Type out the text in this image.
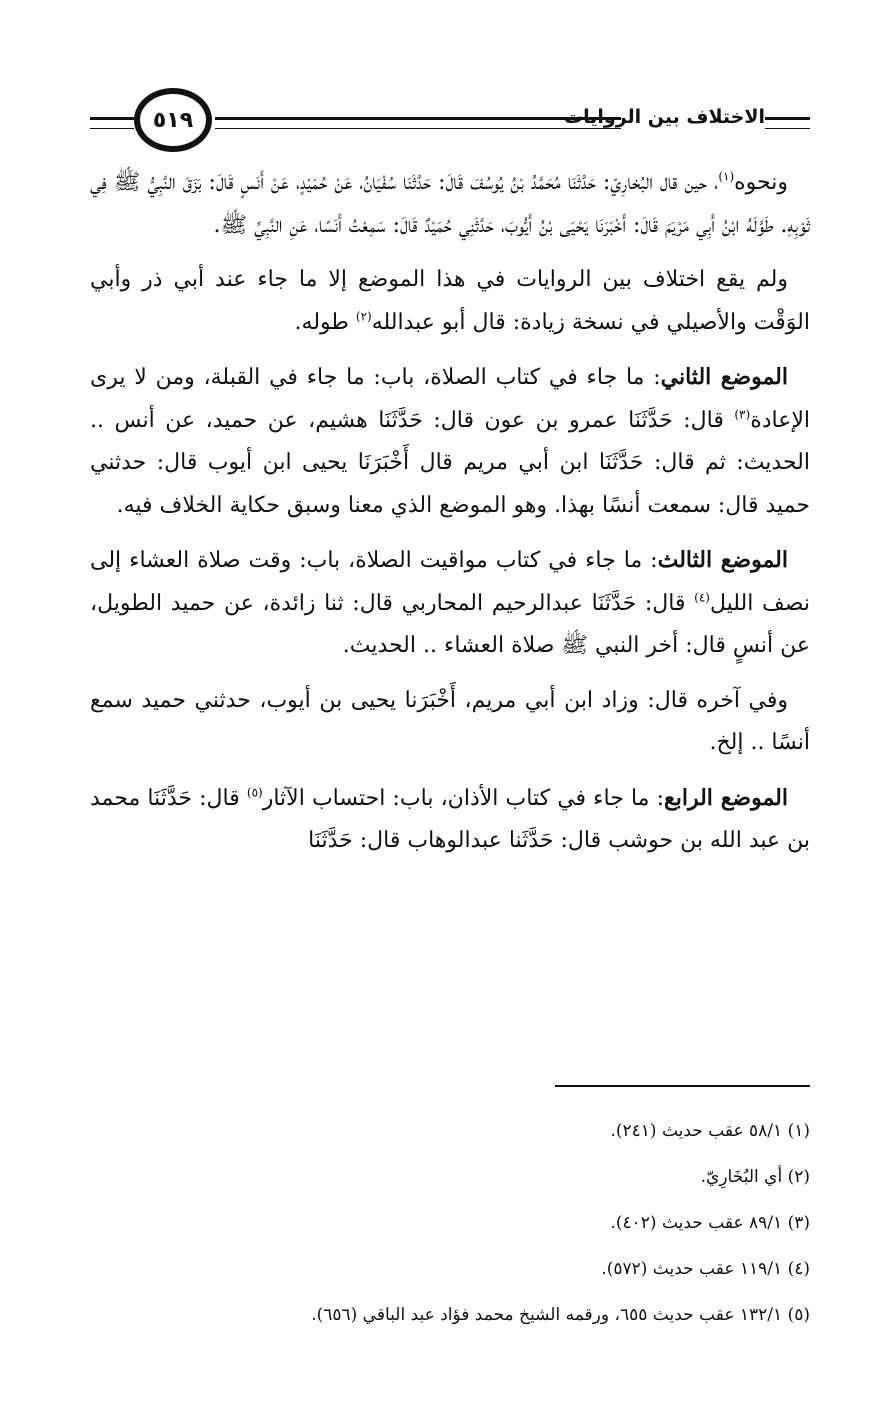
٥١٩	الاختلاف بين الروايات

ونحوه$^{(١)}$، حين قال البُخارِيّ: حَدَّثَنَا مُحَمَّدُ بْنُ يُوسُفَ قَالَ: حَدَّثَنَا سُفْيَانُ، عَنْ حُمَيْدٍ، عَنْ أَنَسٍ قَالَ: بَزَقَ النَّبِيُّ ﷺ فِي ثَوْبِهِ. طَوَّلَهُ ابْنُ أَبِي مَرْيَمَ قَالَ: أَخْبَرَنَا يَحْيَى بْنُ أَيُّوبَ، حَدَّثَنِي حُمَيْدٌ قَالَ: سَمِعْتُ أَنَسًا، عَنِ النَّبِيِّ ﷺ.

ولم يقع اختلاف بين الروايات في هذا الموضع إلا ما جاء عند أبي ذر وأبي الوَقْت والأصيلي في نسخة زيادة: قال أبو عبدالله$^{(٢)}$ طوله.

الموضع الثاني: ما جاء في كتاب الصلاة، باب: ما جاء في القبلة، ومن لا يرى الإعادة$^{(٣)}$ قال: حَدَّثَنَا عمرو بن عون قال: حَدَّثَنَا هشيم، عن حميد، عن أنس .. الحديث: ثم قال: حَدَّثَنَا ابن أبي مريم قال أَخْبَرَنَا يحيى ابن أيوب قال: حدثني حميد قال: سمعت أنسًا بهذا. وهو الموضع الذي معنا وسبق حكاية الخلاف فيه.

الموضع الثالث: ما جاء في كتاب مواقيت الصلاة، باب: وقت صلاة العشاء إلى نصف الليل$^{(٤)}$ قال: حَدَّثَنَا عبدالرحيم المحاربي قال: ثنا زائدة، عن حميد الطويل، عن أنسٍ قال: أخر النبي ﷺ صلاة العشاء .. الحديث.

وفي آخره قال: وزاد ابن أبي مريم، أَخْبَرَنا يحيى بن أيوب، حدثني حميد سمع أنسًا .. إلخ.

الموضع الرابع: ما جاء في كتاب الأذان، باب: احتساب الآثار$^{(٥)}$ قال: حَدَّثَنَا محمد بن عبد الله بن حوشب قال: حَدَّثَنا عبدالوهاب قال: حَدَّثَنَا

(١) ٥٨/١ عقب حديث (٢٤١).
(٢) أي البُخَارِيّ.
(٣) ٨٩/١ عقب حديث (٤٠٢).
(٤) ١١٩/١ عقب حديث (٥٧٢).
(٥) ١٣٢/١ عقب حديث ٦٥٥، ورقمه الشيخ محمد فؤاد عبد الباقي (٦٥٦).
